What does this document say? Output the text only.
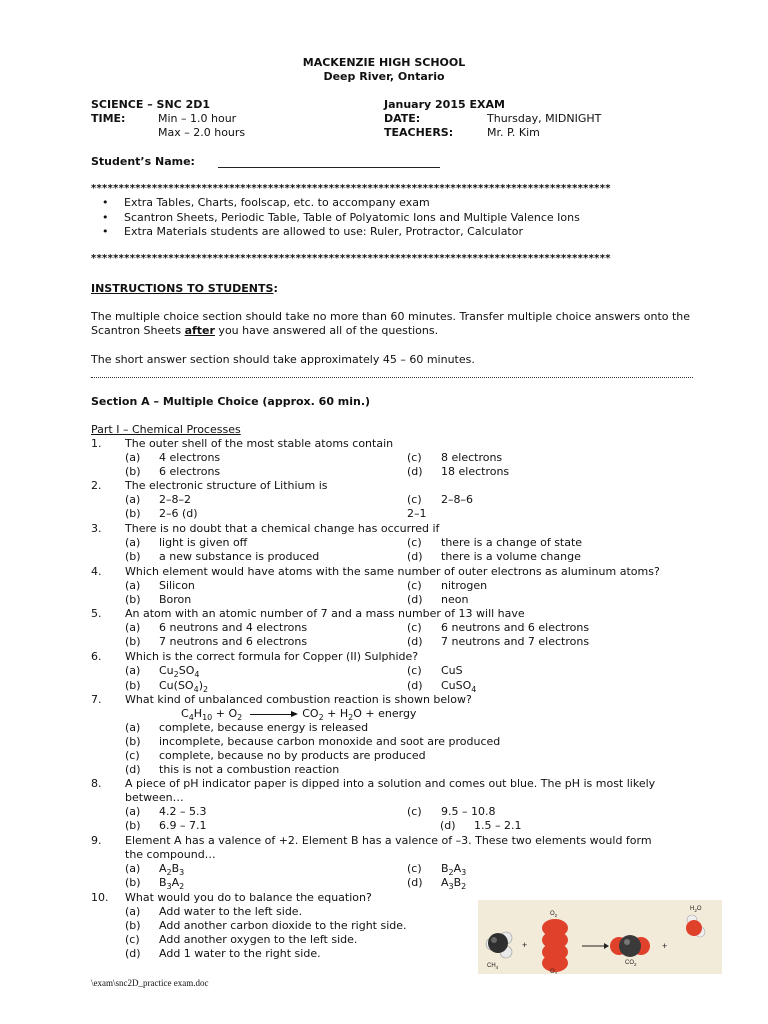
MACKENZIE HIGH SCHOOL
Deep River, Ontario
SCIENCE – SNC 2D1	January 2015 EXAM
TIME:	Min – 1.0 hour
Max – 2.0 hours
DATE:	Thursday, MIDNIGHT
TEACHERS:	Mr. P. Kim
Student’s Name:
**********************************************************************************************
• Extra Tables, Charts, foolscap, etc. to accompany exam
• Scantron Sheets, Periodic Table, Table of Polyatomic Ions and Multiple Valence Ions
• Extra Materials students are allowed to use: Ruler, Protractor, Calculator
**********************************************************************************************
INSTRUCTIONS TO STUDENTS:
The multiple choice section should take no more than 60 minutes. Transfer multiple choice answers onto the Scantron Sheets after you have answered all of the questions.
The short answer section should take approximately 45 – 60 minutes.
Section A – Multiple Choice (approx. 60 min.)
Part I – Chemical Processes
1. The outer shell of the most stable atoms contain
(a) 4 electrons	(c) 8 electrons
(b) 6 electrons	(d) 18 electrons
2. The electronic structure of Lithium is
(a) 2–8–2	(c) 2–8–6
(b) 2–6 (d)	2–1
3. There is no doubt that a chemical change has occurred if
(a) light is given off	(c) there is a change of state
(b) a new substance is produced	(d) there is a volume change
4. Which element would have atoms with the same number of outer electrons as aluminum atoms?
(a) Silicon	(c) nitrogen
(b) Boron	(d) neon
5. An atom with an atomic number of 7 and a mass number of 13 will have
(a) 6 neutrons and 4 electrons	(c) 6 neutrons and 6 electrons
(b) 7 neutrons and 6 electrons	(d) 7 neutrons and 7 electrons
6. Which is the correct formula for Copper (II) Sulphide?
(a) $Cu_2SO_4$	(c) CuS
(b) $Cu(SO_4)_2$	(d) CuSO$_4$
7. What kind of unbalanced combustion reaction is shown below?
$C_4H_{10} + O_2$	$CO_2 + H_2O$ + energy
(a) complete, because energy is released
(b) incomplete, because carbon monoxide and soot are produced
(c) complete, because no by products are produced
(d) this is not a combustion reaction
8. A piece of pH indicator paper is dipped into a solution and comes out blue. The pH is most likely
between…
(a) 4.2 – 5.3	(c) 9.5 – 10.8
(b) 6.9 – 7.1	(d) 1.5 – 2.1
9. Element A has a valence of +2. Element B has a valence of –3. These two elements would form
the compound…
(a) $A_2B_3$	(c) $B_2A_3$
(b) $B_3A_2$	(d) $A_3B_2$
10. What would you do to balance the equation?
(a) Add water to the left side.
(b) Add another carbon dioxide to the right side.
(c) Add another oxygen to the left side.
(d) Add 1 water to the right side.
$CH_4$
+
$O_2$
$O_2$
$CO_2$
+
$H_2O$
\exam\snc2D_practice exam.doc
